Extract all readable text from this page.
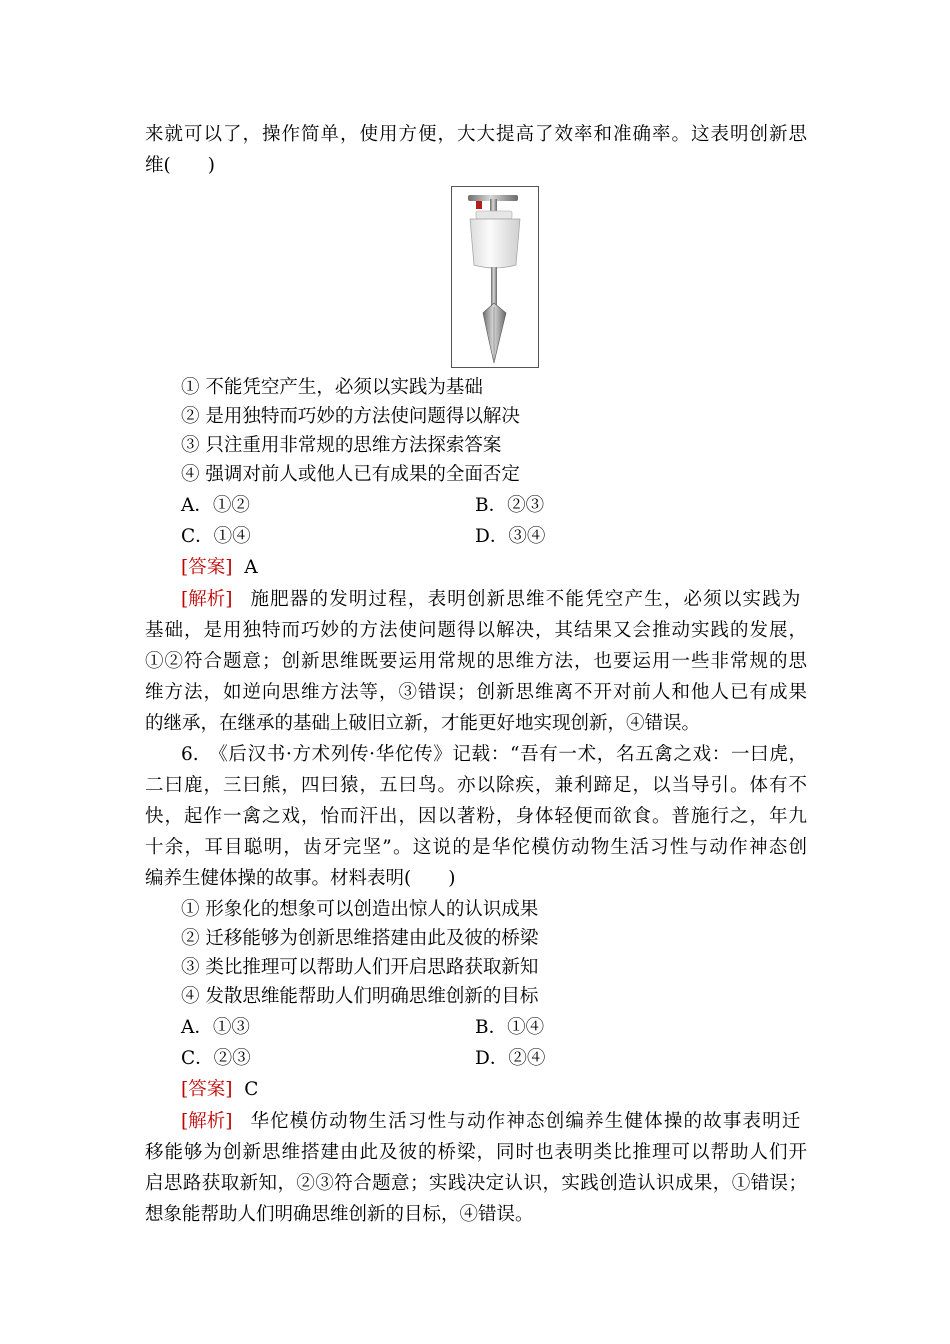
来就可以了，操作简单，使用方便，大大提高了效率和准确率。这表明创新思
维(　　)
① 不能凭空产生，必须以实践为基础
② 是用独特而巧妙的方法使问题得以解决
③ 只注重用非常规的思维方法探索答案
④ 强调对前人或他人已有成果的全面否定
A．①②	B．②③
C．①④	D．③④
[答案] A
[解析] 施肥器的发明过程，表明创新思维不能凭空产生，必须以实践为
基础，是用独特而巧妙的方法使问题得以解决，其结果又会推动实践的发展，
①②符合题意；创新思维既要运用常规的思维方法，也要运用一些非常规的思
维方法，如逆向思维方法等，③错误；创新思维离不开对前人和他人已有成果
的继承，在继承的基础上破旧立新，才能更好地实现创新，④错误。
6.　《后汉书·方术列传·华佗传》记载：“吾有一术，名五禽之戏：一曰虎，
二曰鹿，三曰熊，四曰猿，五曰鸟。亦以除疾，兼利蹄足，以当导引。体有不
快，起作一禽之戏，怡而汗出，因以著粉，身体轻便而欲食。普施行之，年九
十余，耳目聪明，齿牙完坚”。这说的是华佗模仿动物生活习性与动作神态创
编养生健体操的故事。材料表明(　　)
① 形象化的想象可以创造出惊人的认识成果
② 迁移能够为创新思维搭建由此及彼的桥梁
③ 类比推理可以帮助人们开启思路获取新知
④ 发散思维能帮助人们明确思维创新的目标
A．①③	B．①④
C．②③	D．②④
[答案] C
[解析] 华佗模仿动物生活习性与动作神态创编养生健体操的故事表明迁
移能够为创新思维搭建由此及彼的桥梁，同时也表明类比推理可以帮助人们开
启思路获取新知，②③符合题意；实践决定认识，实践创造认识成果，①错误；
想象能帮助人们明确思维创新的目标，④错误。
